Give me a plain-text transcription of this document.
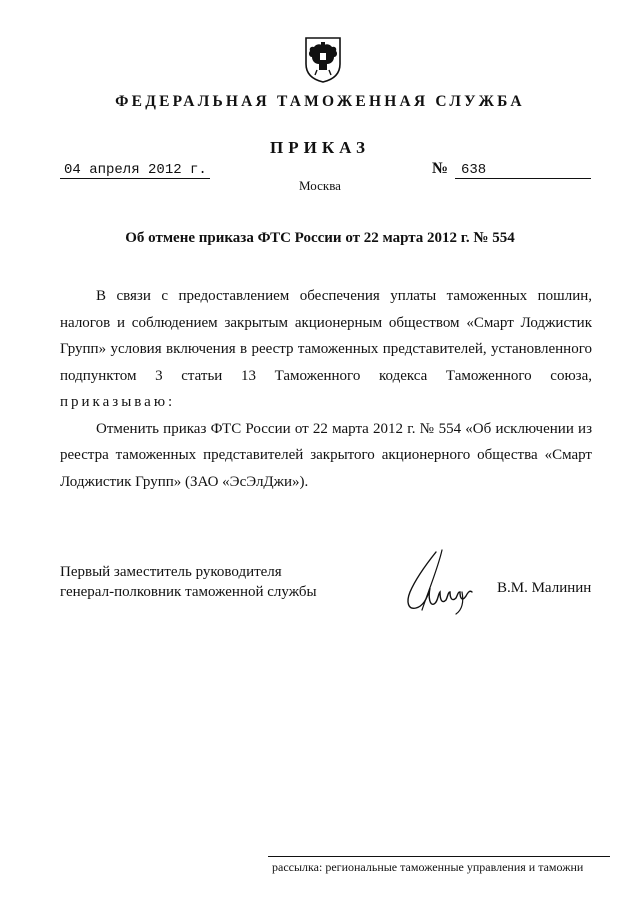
ФЕДЕРАЛЬНАЯ ТАМОЖЕННАЯ СЛУЖБА
ПРИКАЗ
04 апреля 2012 г.	№ 638
Москва
Об отмене приказа ФТС России от 22 марта 2012 г. № 554

В связи с предоставлением обеспечения уплаты таможенных пошлин, налогов и соблюдением закрытым акционерным обществом «Смарт Лоджистик Групп» условия включения в реестр таможенных представителей, установленного подпунктом 3 статьи 13 Таможенного кодекса Таможенного союза, приказываю:

Отменить приказ ФТС России от 22 марта 2012 г. № 554 «Об исключении из реестра таможенных представителей закрытого акционерного общества «Смарт Лоджистик Групп» (ЗАО «ЭсЭлДжи»).

Первый заместитель руководителя
генерал-полковник таможенной службы	В.М. Малинин
рассылка: региональные таможенные управления и таможни
